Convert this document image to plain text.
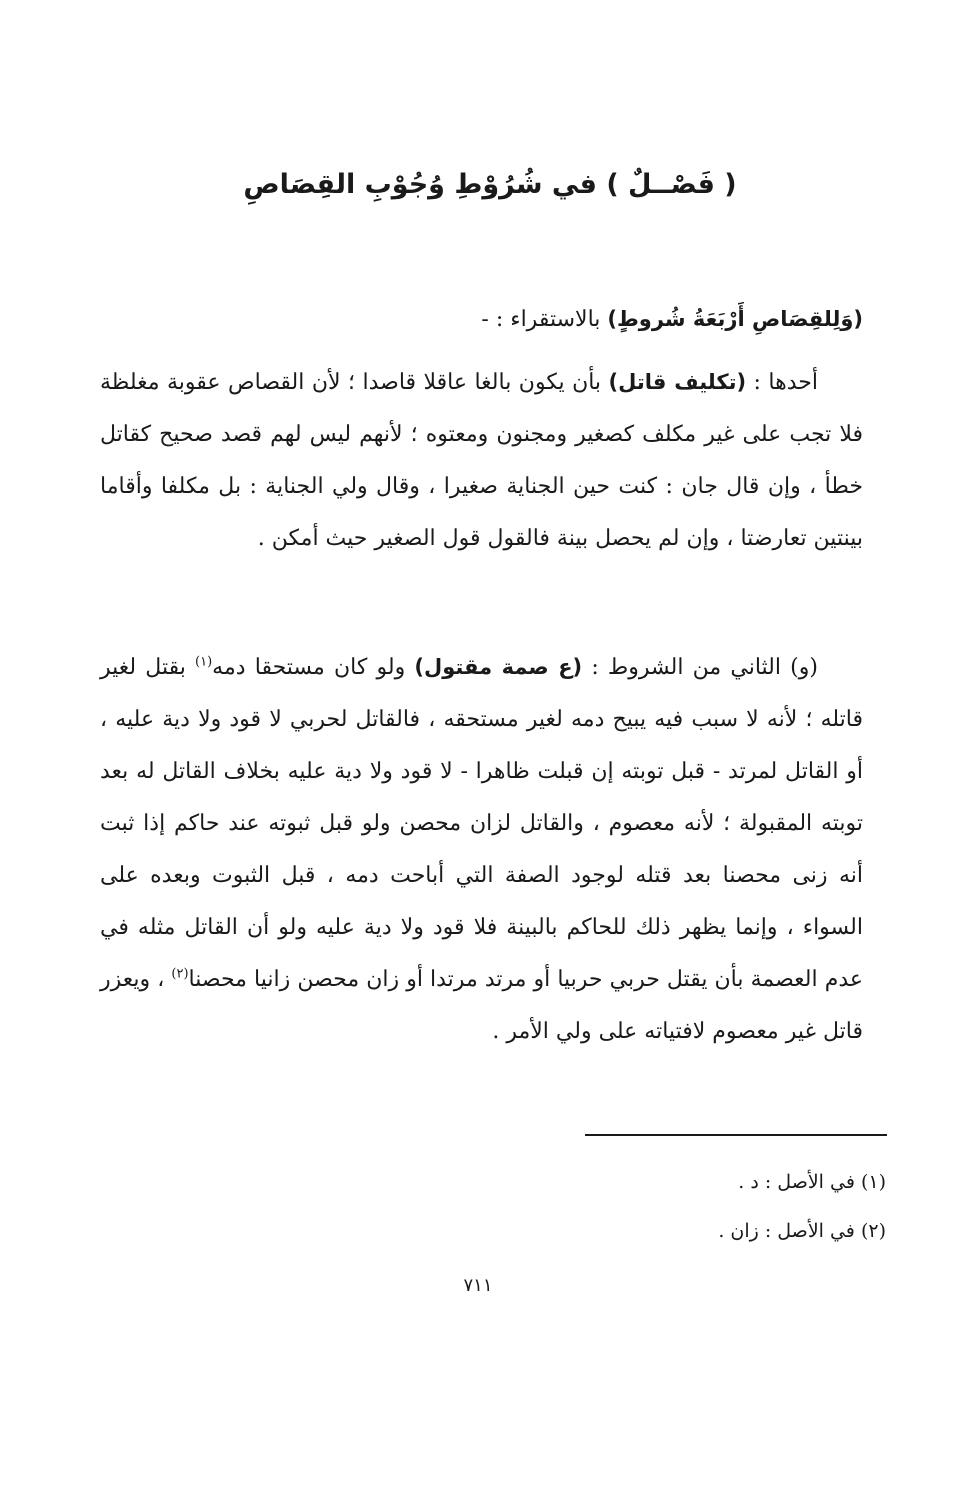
( فَصْــلٌ ) في شُرُوْطِ وُجُوْبِ القِصَاصِ

(وَلِلقِصَاصِ أَرْبَعَةُ شُروطٍ) بالاستقراء : -

أحدها : (تكليف قاتل) بأن يكون بالغا عاقلا قاصدا ؛ لأن القصاص عقوبة مغلظة فلا تجب على غير مكلف كصغير ومجنون ومعتوه ؛ لأنهم ليس لهم قصد صحيح كقاتل خطأ ، وإن قال جان : كنت حين الجناية صغيرا ، وقال ولي الجناية : بل مكلفا وأقاما بينتين تعارضتا ، وإن لم يحصل بينة فالقول قول الصغير حيث أمكن .

(و) الثاني من الشروط : (ع صمة مقتول) ولو كان مستحقا دمه$^{(١)}$ بقتل لغير قاتله ؛ لأنه لا سبب فيه يبيح دمه لغير مستحقه ، فالقاتل لحربي لا قود ولا دية عليه ، أو القاتل لمرتد - قبل توبته إن قبلت ظاهرا - لا قود ولا دية عليه بخلاف القاتل له بعد توبته المقبولة ؛ لأنه معصوم ، والقاتل لزان محصن ولو قبل ثبوته عند حاكم إذا ثبت أنه زنى محصنا بعد قتله لوجود الصفة التي أباحت دمه ، قبل الثبوت وبعده على السواء ، وإنما يظهر ذلك للحاكم بالبينة فلا قود ولا دية عليه ولو أن القاتل مثله في عدم العصمة بأن يقتل حربي حربيا أو مرتد مرتدا أو زان محصن زانيا محصنا$^{(٢)}$ ، ويعزر قاتل غير معصوم لافتياته على ولي الأمر .

(١) في الأصل : د .
(٢) في الأصل : زان .
٧١١
